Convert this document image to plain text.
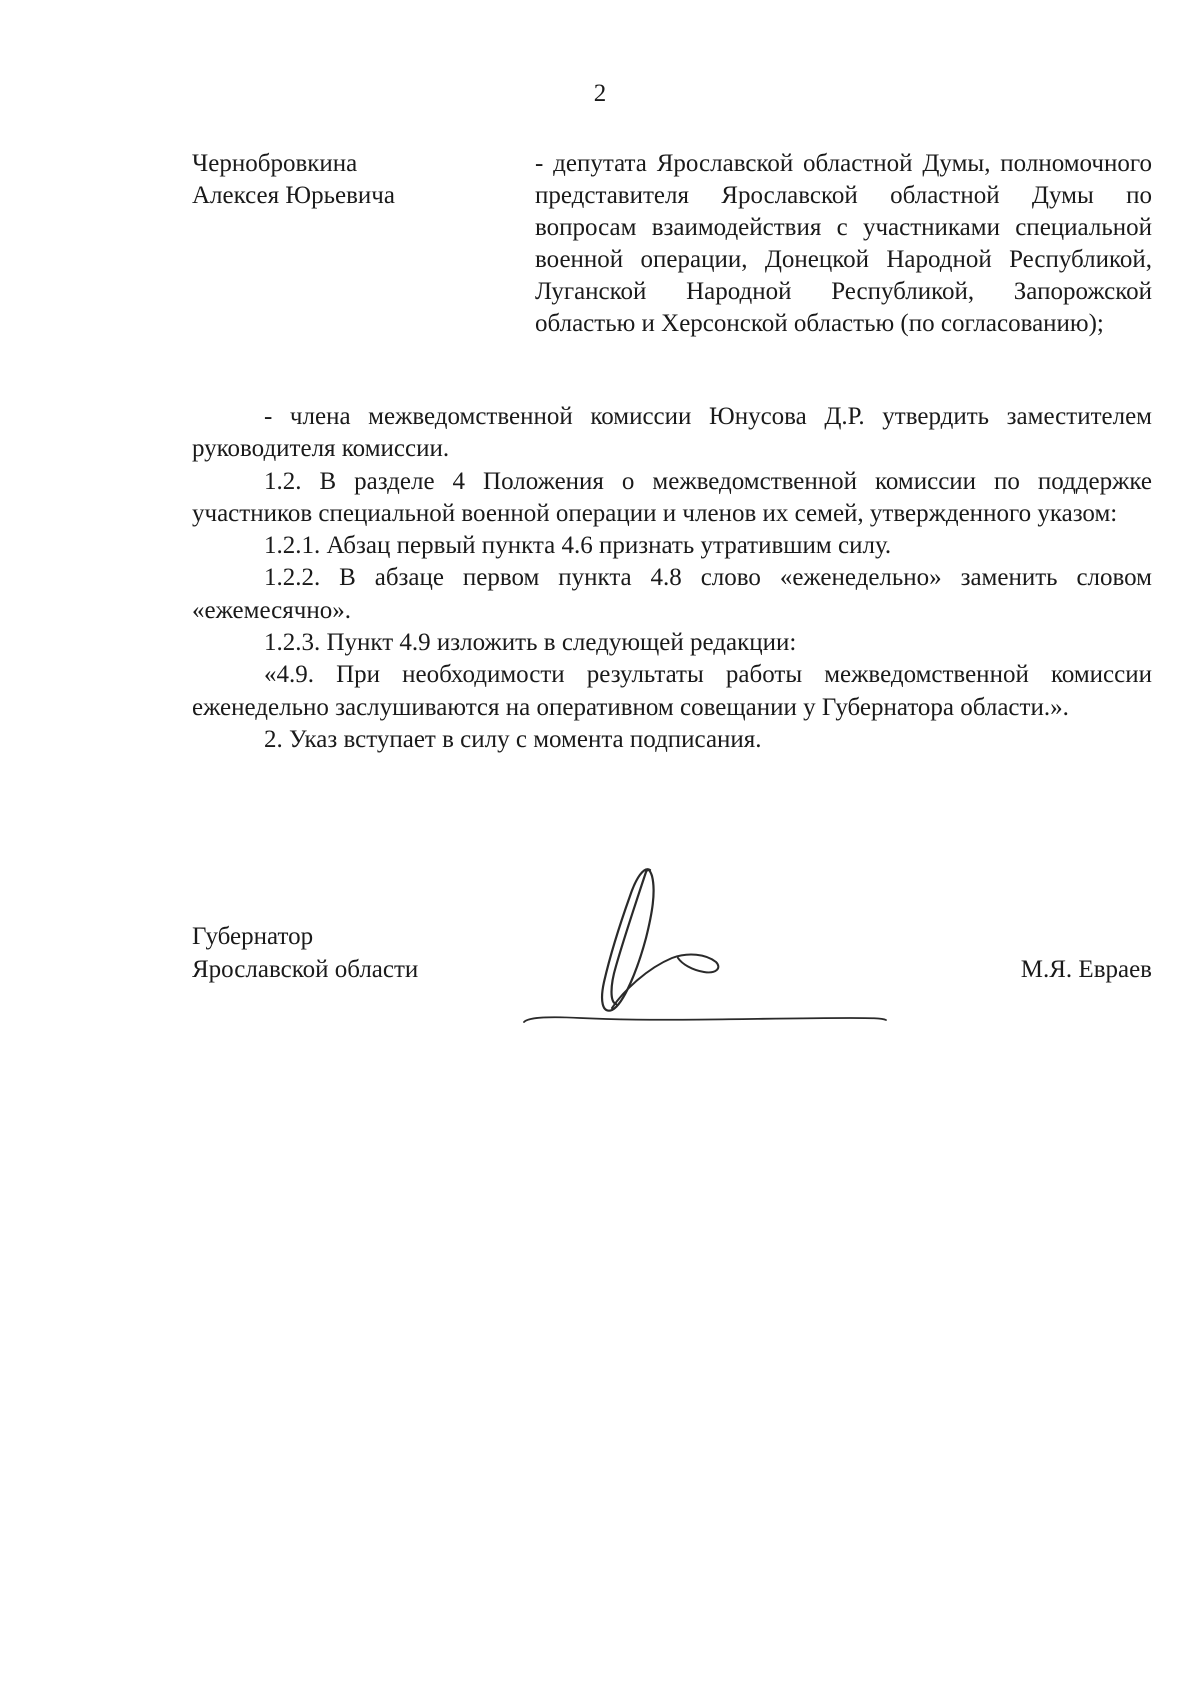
2
Чернобровкина
Алексея Юрьевича
- депутата Ярославской областной Думы, полномочного представителя Ярославской областной Думы по вопросам взаимодействия с участниками специальной военной операции, Донецкой Народной Республикой, Луганской Народной Республикой, Запорожской областью и Херсонской областью (по согласованию);

- члена межведомственной комиссии Юнусова Д.Р. утвердить заместителем руководителя комиссии.

1.2. В разделе 4 Положения о межведомственной комиссии по поддержке участников специальной военной операции и членов их семей, утвержденного указом:

1.2.1. Абзац первый пункта 4.6 признать утратившим силу.

1.2.2. В абзаце первом пункта 4.8 слово «еженедельно» заменить словом «ежемесячно».

1.2.3. Пункт 4.9 изложить в следующей редакции:

«4.9. При необходимости результаты работы межведомственной комиссии еженедельно заслушиваются на оперативном совещании у Губернатора области.».

2. Указ вступает в силу с момента подписания.

Губернатор
Ярославской области	М.Я. Евраев
